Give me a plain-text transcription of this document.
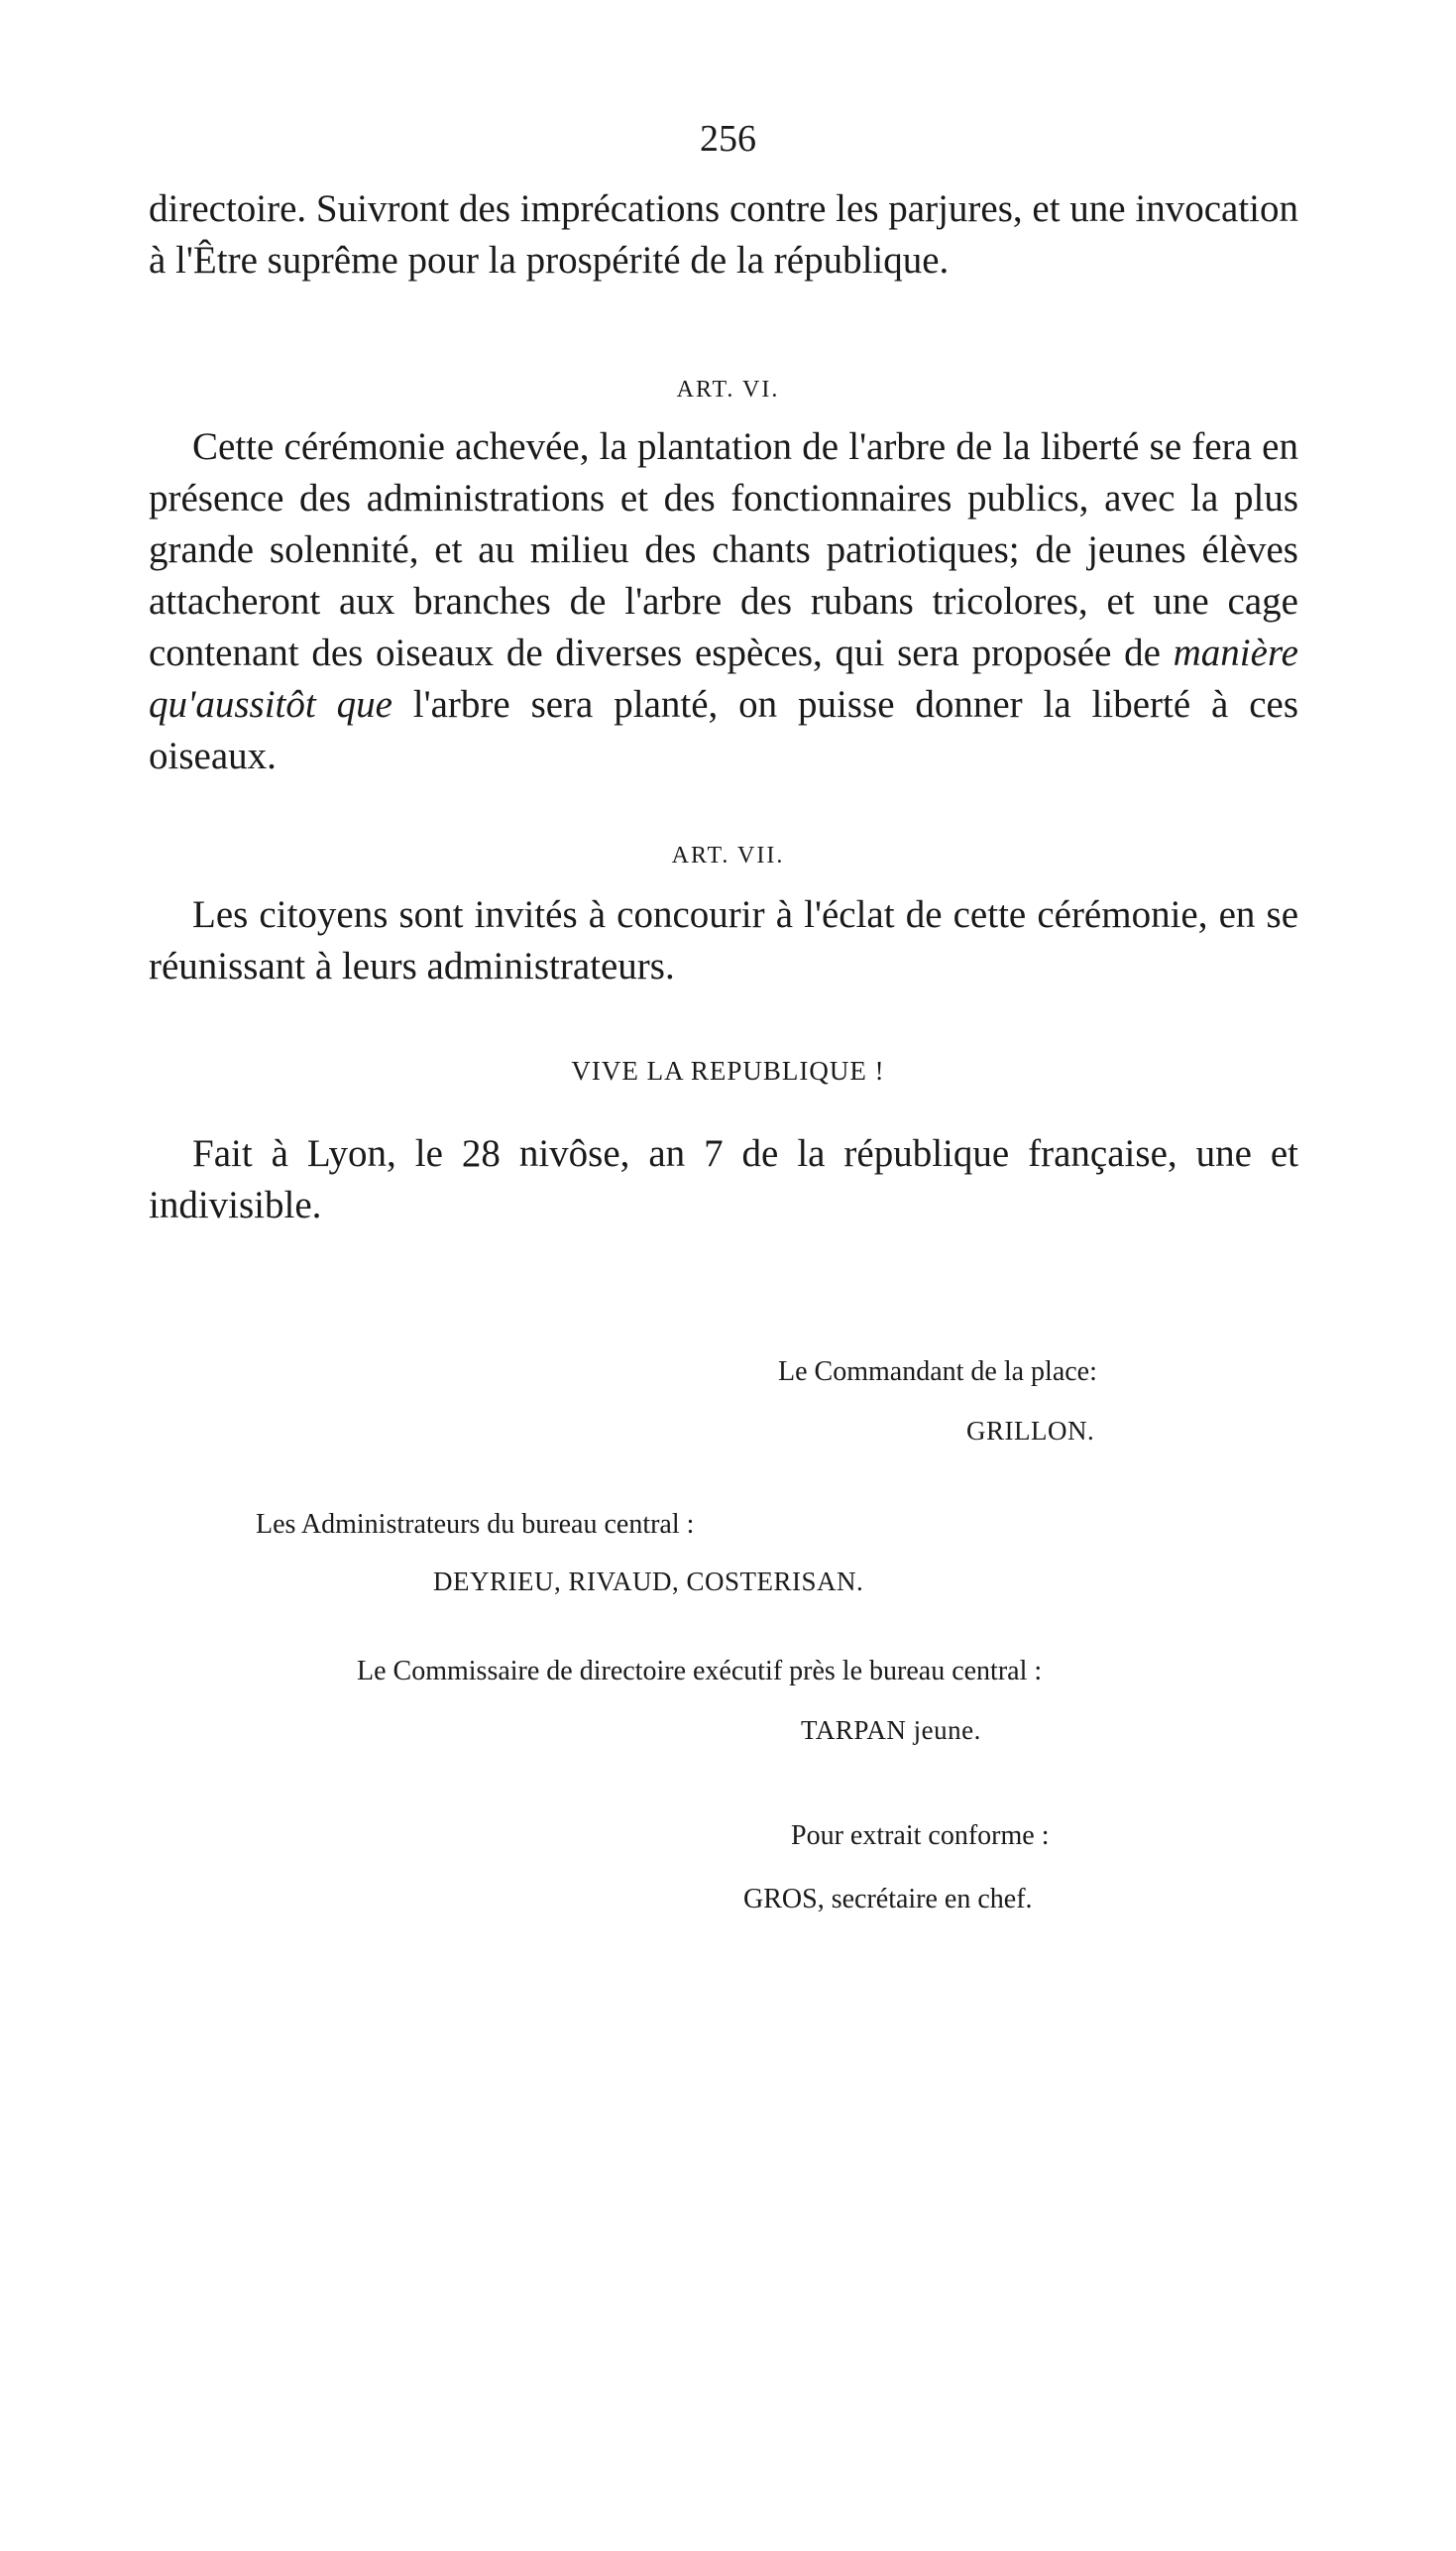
256
directoire. Suivront des imprécations contre les parjures, et une invocation à l'Être suprême pour la prospérité de la république.
ART. VI.
Cette cérémonie achevée, la plantation de l'arbre de la liberté se fera en présence des administrations et des fonctionnaires publics, avec la plus grande solennité, et au milieu des chants patriotiques; de jeunes élèves attacheront aux branches de l'arbre des rubans tricolores, et une cage contenant des oiseaux de diverses espèces, qui sera proposée de manière qu'aussitôt que l'arbre sera planté, on puisse donner la liberté à ces oiseaux.
ART. VII.
Les citoyens sont invités à concourir à l'éclat de cette cérémonie, en se réunissant à leurs administrateurs.
VIVE LA REPUBLIQUE !
Fait à Lyon, le 28 nivôse, an 7 de la république française, une et indivisible.
Le Commandant de la place:
GRILLON.
Les Administrateurs du bureau central :
DEYRIEU, RIVAUD, COSTERISAN.
Le Commissaire de directoire exécutif près le bureau central :
TARPAN jeune.
Pour extrait conforme :
GROS, secrétaire en chef.
